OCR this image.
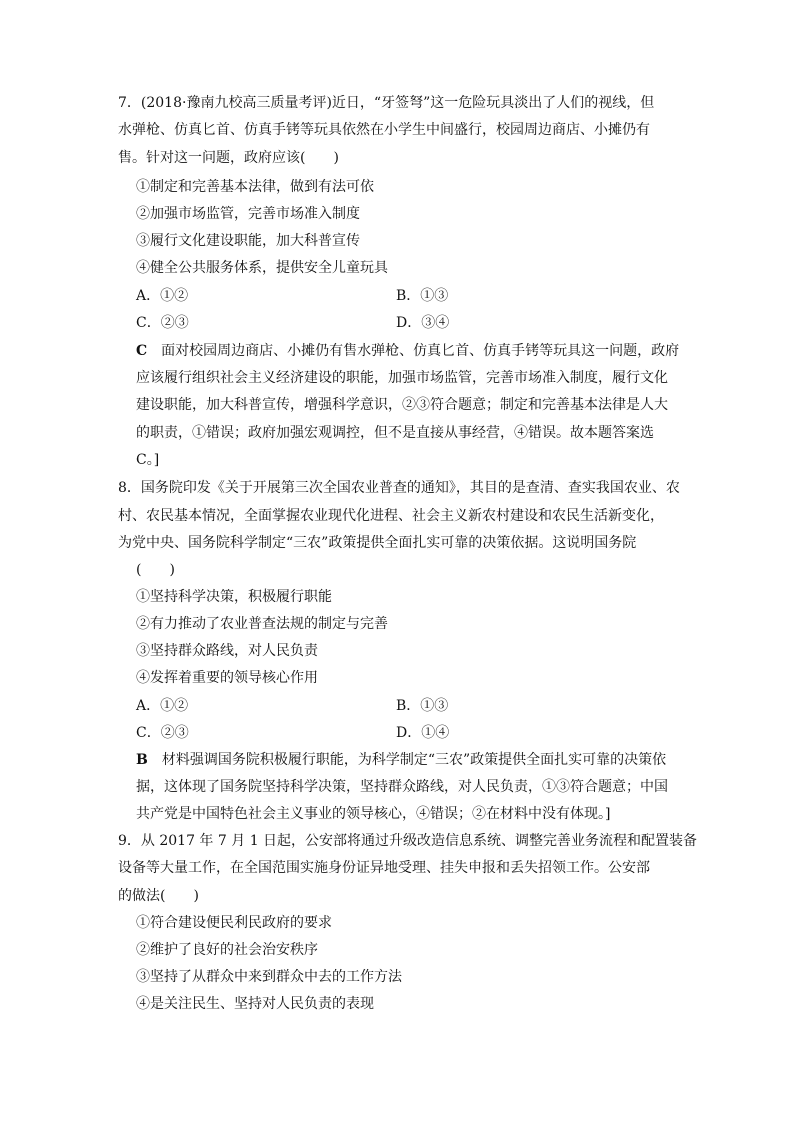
7．(2018·豫南九校高三质量考评)近日，“牙签弩”这一危险玩具淡出了人们的视线，但
水弹枪、仿真匕首、仿真手铐等玩具依然在小学生中间盛行，校园周边商店、小摊仍有
售。针对这一问题，政府应该(　　)
①制定和完善基本法律，做到有法可依
②加强市场监管，完善市场准入制度
③履行文化建设职能，加大科普宣传
④健全公共服务体系，提供安全儿童玩具
A．①②	B．①③
C．②③	D．③④
C　面对校园周边商店、小摊仍有售水弹枪、仿真匕首、仿真手铐等玩具这一问题，政府
应该履行组织社会主义经济建设的职能，加强市场监管，完善市场准入制度，履行文化
建设职能，加大科普宣传，增强科学意识，②③符合题意；制定和完善基本法律是人大
的职责，①错误；政府加强宏观调控，但不是直接从事经营，④错误。故本题答案选
C。]
8．国务院印发《关于开展第三次全国农业普查的通知》，其目的是查清、查实我国农业、农
村、农民基本情况，全面掌握农业现代化进程、社会主义新农村建设和农民生活新变化，
为党中央、国务院科学制定“三农”政策提供全面扎实可靠的决策依据。这说明国务院
(　　)
①坚持科学决策，积极履行职能
②有力推动了农业普查法规的制定与完善
③坚持群众路线，对人民负责
④发挥着重要的领导核心作用
A．①②	B．①③
C．②③	D．①④
B　材料强调国务院积极履行职能，为科学制定“三农”政策提供全面扎实可靠的决策依
据，这体现了国务院坚持科学决策，坚持群众路线，对人民负责，①③符合题意；中国
共产党是中国特色社会主义事业的领导核心，④错误；②在材料中没有体现。]
9．从 2017 年 7 月 1 日起，公安部将通过升级改造信息系统、调整完善业务流程和配置装备
设备等大量工作，在全国范围实施身份证异地受理、挂失申报和丢失招领工作。公安部
的做法(　　)
①符合建设便民利民政府的要求
②维护了良好的社会治安秩序
③坚持了从群众中来到群众中去的工作方法
④是关注民生、坚持对人民负责的表现
